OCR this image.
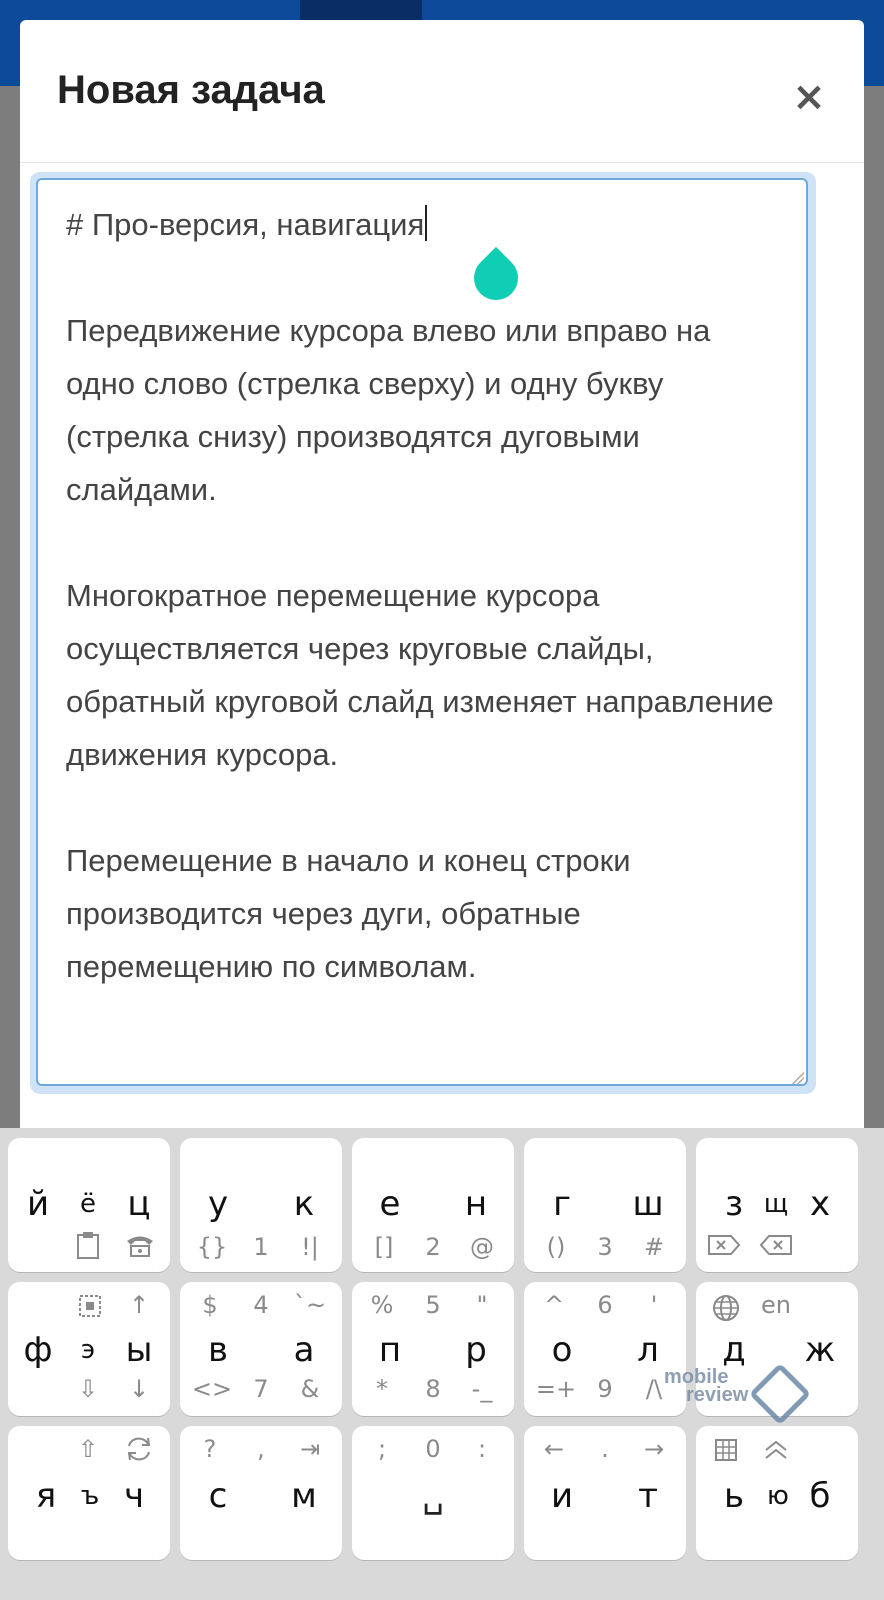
Новая задача	×

# Про-версия, навигация

Передвижение курсора влево или вправо на одно слово (стрелка сверху) и одну букву (стрелка снизу) производятся дуговыми слайдами.

Многократное перемещение курсора осуществляется через круговые слайды, обратный круговой слайд изменяет направление движения курсора.

Перемещение в начало и конец строки производится через дуги, обратные перемещению по символам.

й ё ц у к
{} 1 !|
е н
[] 2 @
г ш
() 3 #
з щ х
↑
ф э ы
⇩ ↓
$ 4 `~
в а
<> 7 &
% 5 "
п р
* 8 -_
^ 6 '
о л
=+ 9 /\
en
д ж
⇧
я ъ ч
? , ⇥
с м
; 0 :
␣
← . →
и т ь ю б
mobile
review
